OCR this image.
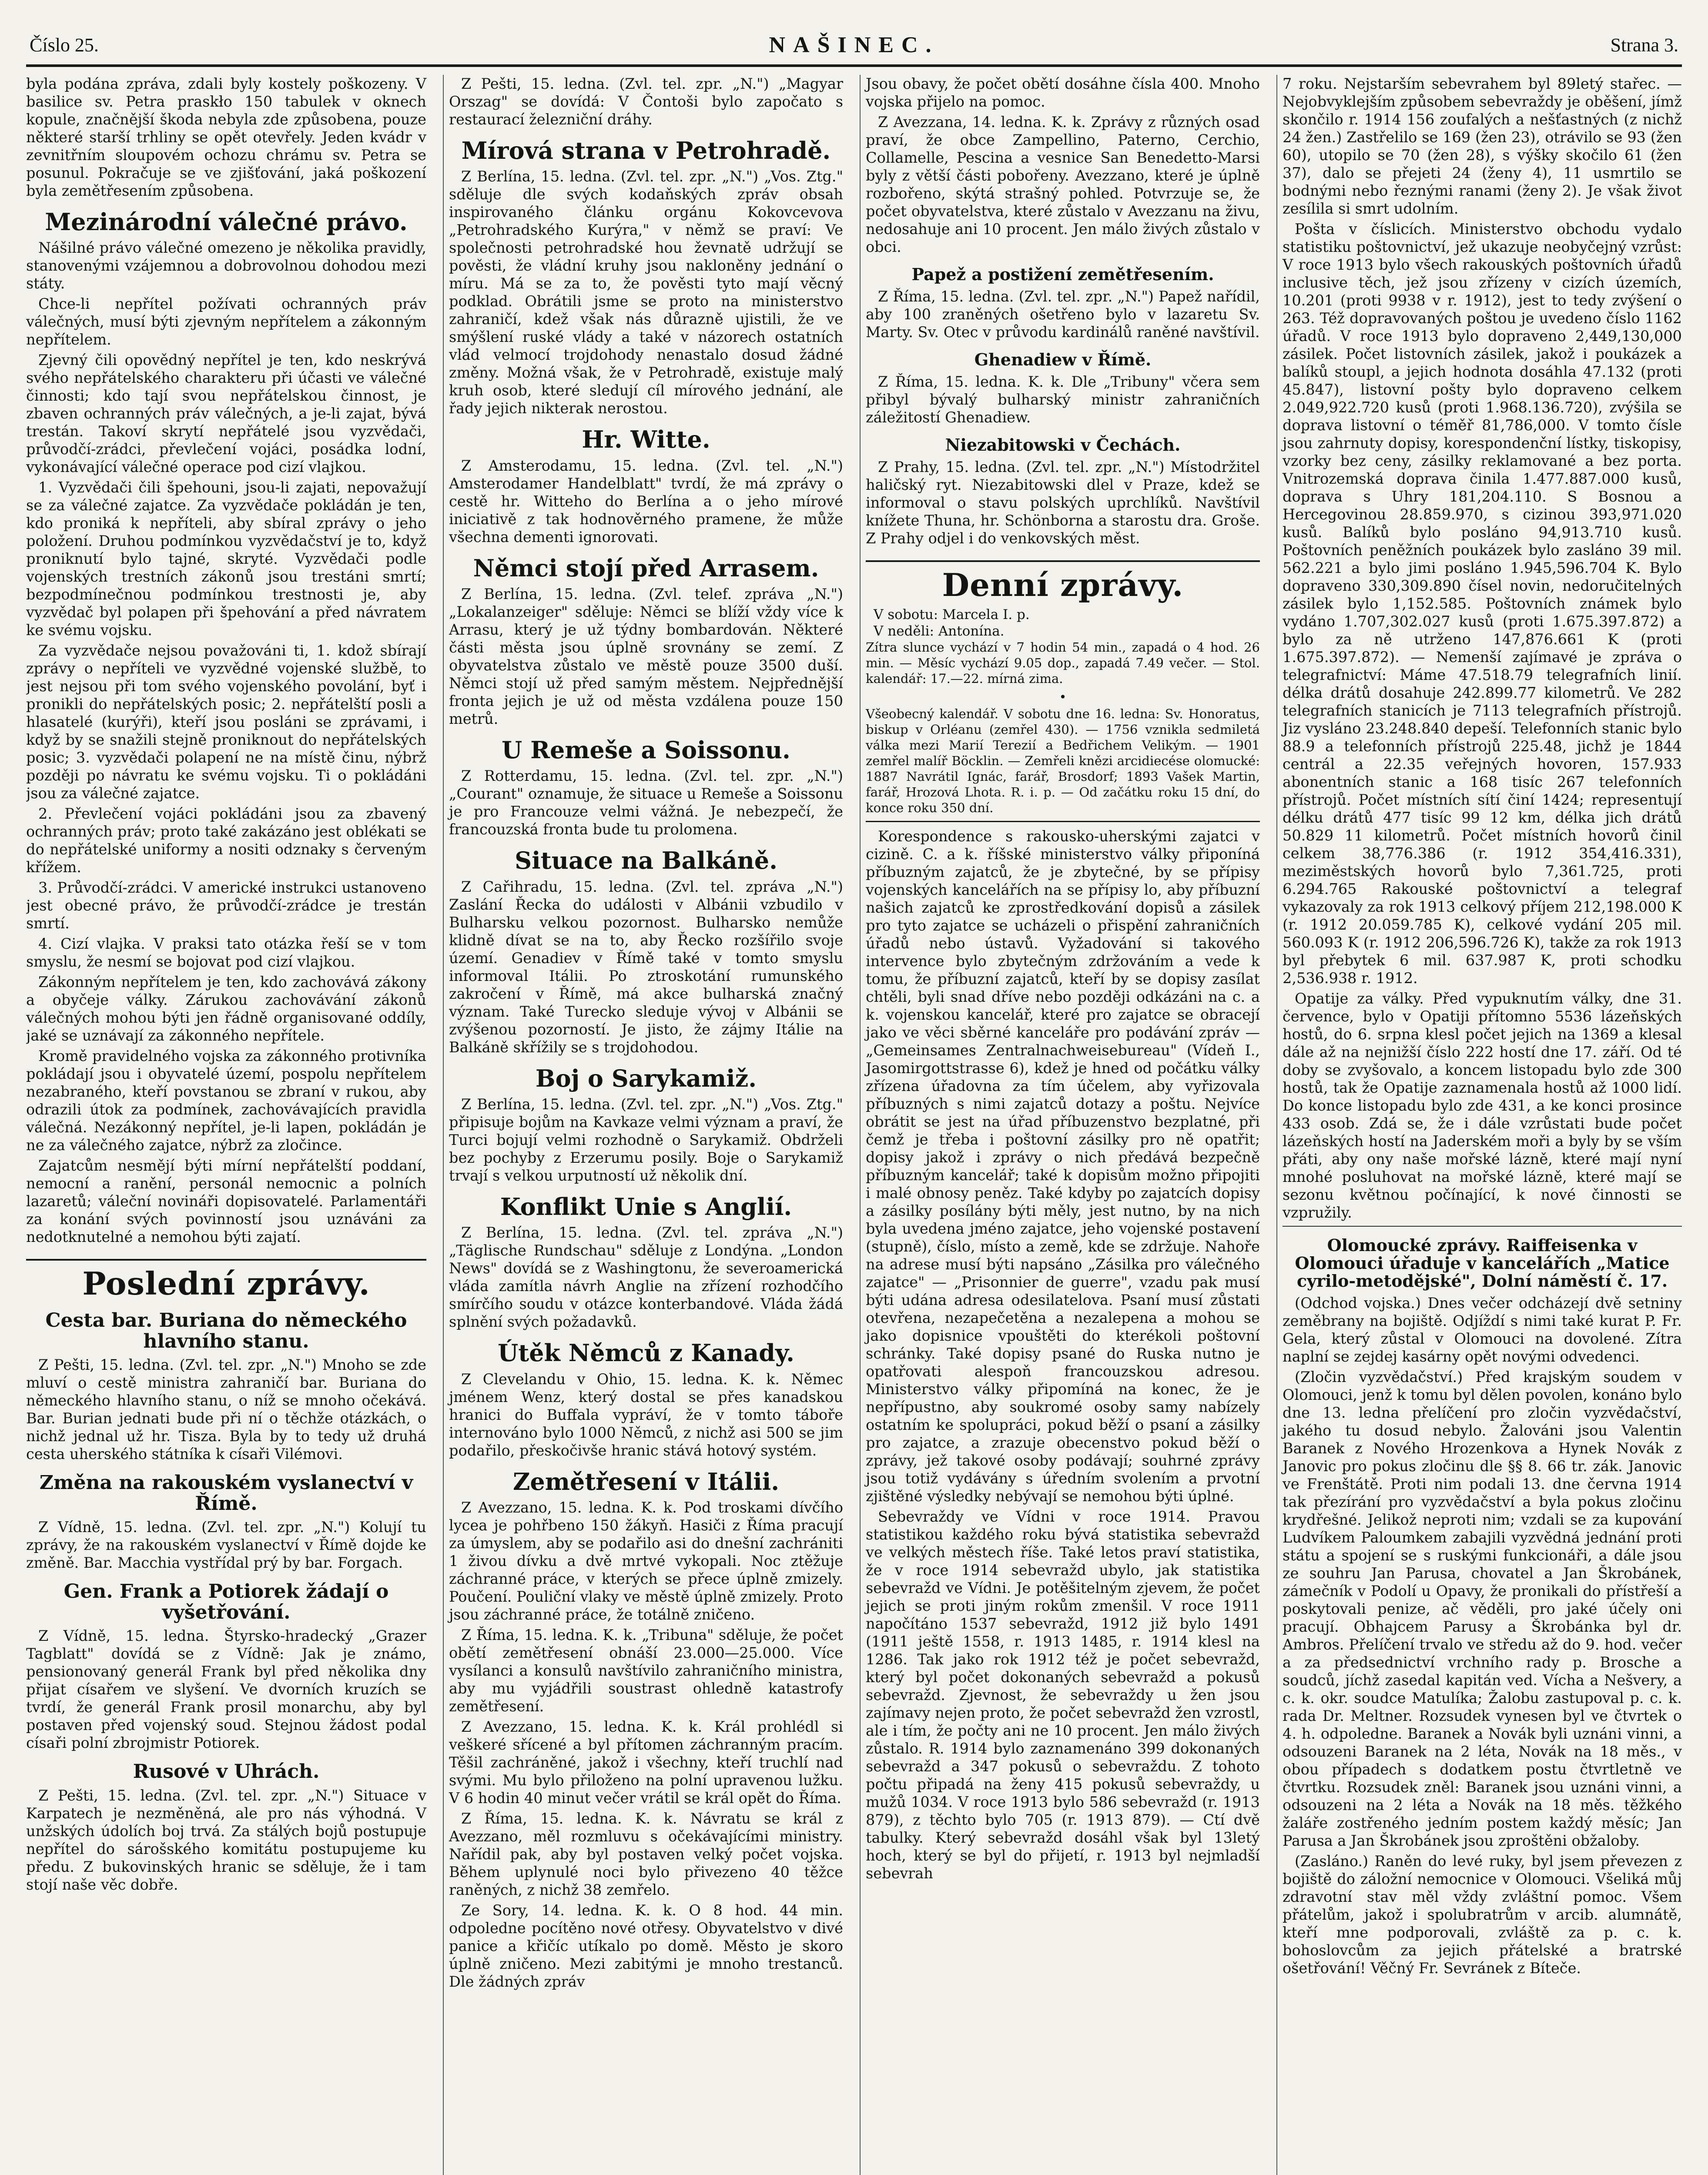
Číslo 25.	NAŠINEC.	Strana 3.

byla podána zpráva, zdali byly kostely poškozeny. V basilice sv. Petra praskło 150 tabulek v oknech kopule, značnější škoda nebyla zde způsobena, pouze některé starší trhliny se opět otevřely. Jeden kvádr v zevnitřním sloupovém ochozu chrámu sv. Petra se posunul. Pokračuje se ve zjišťování, jaká poškození byla zemětřesením způsobena.

Mezinárodní válečné právo.

Nášilné právo válečné omezeno je několika pravidly, stanovenými vzájemnou a dobrovolnou dohodou mezi státy.

Chce-li nepřítel požívati ochranných práv válečných, musí býti zjevným nepřítelem a zákonným nepřítelem.

Zjevný čili opovědný nepřítel je ten, kdo neskrývá svého nepřátelského charakteru při účasti ve válečné činnosti; kdo tají svou nepřátelskou činnost, je zbaven ochranných práv válečných, a je-li zajat, bývá trestán. Takoví skrytí nepřátelé jsou vyzvědači, průvodčí-zrádci, převlečení vojáci, posádka lodní, vykonávající válečné operace pod cizí vlajkou.

1. Vyzvědači čili špehouni, jsou-li zajati, nepovažují se za válečné zajatce. Za vyzvědače pokládán je ten, kdo proniká k nepříteli, aby sbíral zprávy o jeho položení. Druhou podmínkou vyzvědačství je to, když proniknutí bylo tajné, skryté. Vyzvědači podle vojenských trestních zákonů jsou trestáni smrtí; bezpodmínečnou podmínkou trestnosti je, aby vyzvědač byl polapen při špehování a před návratem ke svému vojsku.

Za vyzvědače nejsou považováni ti, 1. kdož sbírají zprávy o nepříteli ve vyzvědné vojenské službě, to jest nejsou při tom svého vojenského povolání, byť i pronikli do nepřátelských posic; 2. nepřátelští posli a hlasatelé (kurýři), kteří jsou posláni se zprávami, i když by se snažili stejně proniknout do nepřátelských posic; 3. vyzvědači polapení ne na místě činu, nýbrž později po návratu ke svému vojsku. Ti o pokládáni jsou za válečné zajatce.

2. Převlečení vojáci pokládáni jsou za zbavený ochranných práv; proto také zakázáno jest oblékati se do nepřátelské uniformy a nositi odznaky s červeným křížem.

3. Průvodčí-zrádci. V americké instrukci ustanoveno jest obecné právo, že průvodčí-zrádce je trestán smrtí.

4. Cizí vlajka. V praksi tato otázka řeší se v tom smyslu, že nesmí se bojovat pod cizí vlajkou.

Zákonným nepřítelem je ten, kdo zachovává zákony a obyčeje války. Zárukou zachovávání zákonů válečných mohou býti jen řádně organisované oddíly, jaké se uznávají za zákonného nepřítele.

Kromě pravidelného vojska za zákonného protivníka pokládají jsou i obyvatelé území, pospolu nepřítelem nezabraného, kteří povstanou se zbraní v rukou, aby odrazili útok za podmínek, zachovávajících pravidla válečná. Nezákonný nepřítel, je-li lapen, pokládán je ne za válečného zajatce, nýbrž za zločince.

Zajatcům nesmějí býti mírní nepřátelští poddaní, nemocní a ranění, personál nemocnic a polních lazaretů; váleční novináři dopisovatelé. Parlamentáři za konání svých povinností jsou uznáváni za nedotknutelné a nemohou býti zajatí.

Poslední zprávy.
Cesta bar. Buriana do německého hlavního stanu.

Z Pešti, 15. ledna. (Zvl. tel. zpr. „N.") Mnoho se zde mluví o cestě ministra zahraničí bar. Buriana do německého hlavního stanu, o níž se mnoho očekává. Bar. Burian jednati bude při ní o těchže otázkách, o nichž jednal už hr. Tisza. Byla by to tedy už druhá cesta uherského státníka k císaři Vilémovi.

Změna na rakouském vyslanectví v Římě.

Z Vídně, 15. ledna. (Zvl. tel. zpr. „N.") Kolují tu zprávy, že na rakouském vyslanectví v Římě dojde ke změně. Bar. Macchia vystřídal prý by bar. Forgach.

Gen. Frank a Potiorek žádají o vyšetřování.

Z Vídně, 15. ledna. Štyrsko-hradecký „Grazer Tagblatt" dovídá se z Vídně: Jak je známo, pensionovaný generál Frank byl před několika dny přijat císařem ve slyšení. Ve dvorních kruzích se tvrdí, že generál Frank prosil monarchu, aby byl postaven před vojenský soud. Stejnou žádost podal císaři polní zbrojmistr Potiorek.

Rusové v Uhrách.

Z Pešti, 15. ledna. (Zvl. tel. zpr. „N.") Situace v Karpatech je nezměněná, ale pro nás výhodná. V unžských údolích boj trvá. Za stálých bojů postupuje nepřítel do sárošského komitátu postupujeme ku předu. Z bukovinských hranic se sděluje, že i tam stojí naše věc dobře.

Z Pešti, 15. ledna. (Zvl. tel. zpr. „N.") „Magyar Orszag" se dovídá: V Čontoši bylo započato s restaurací železniční dráhy.

Mírová strana v Petrohradě.

Z Berlína, 15. ledna. (Zvl. tel. zpr. „N.") „Vos. Ztg." sděluje dle svých kodaňských zpráv obsah inspirovaného článku orgánu Kokovcevova „Petrohradského Kurýra," v němž se praví: Ve společnosti petrohradské hou ževnatě udržují se pověsti, že vládní kruhy jsou nakloněny jednání o míru. Má se za to, že pověsti tyto mají věcný podklad. Obrátili jsme se proto na ministerstvo zahraničí, kdež však nás důrazně ujistili, že ve smýšlení ruské vlády a také v názorech ostatních vlád velmocí trojdohody nenastalo dosud žádné změny. Možná však, že v Petrohradě, existuje malý kruh osob, které sledují cíl mírového jednání, ale řady jejich nikterak nerostou.

Hr. Witte.

Z Amsterodamu, 15. ledna. (Zvl. tel. „N.") Amsterodamer Handelblatt" tvrdí, že má zprávy o cestě hr. Witteho do Berlína a o jeho mírové iniciativě z tak hodnověrného pramene, že může všechna dementi ignorovati.

Němci stojí před Arrasem.

Z Berlína, 15. ledna. (Zvl. telef. zpráva „N.") „Lokalanzeiger" sděluje: Němci se blíží vždy více k Arrasu, který je už týdny bombardován. Některé části města jsou úplně srovnány se zemí. Z obyvatelstva zůstalo ve městě pouze 3500 duší. Němci stojí už před samým městem. Nejpřednější fronta jejich je už od města vzdálena pouze 150 metrů.

U Remeše a Soissonu.

Z Rotterdamu, 15. ledna. (Zvl. tel. zpr. „N.") „Courant" oznamuje, že situace u Remeše a Soissonu je pro Francouze velmi vážná. Je nebezpečí, že francouzská fronta bude tu prolomena.

Situace na Balkáně.

Z Cařihradu, 15. ledna. (Zvl. tel. zpráva „N.") Zaslání Řecka do události v Albánii vzbudilo v Bulharsku velkou pozornost. Bulharsko nemůže klidně dívat se na to, aby Řecko rozšířilo svoje území. Genadiev v Římě také v tomto smyslu informoval Itálii. Po ztroskotání rumunského zakročení v Římě, má akce bulharská značný význam. Také Turecko sleduje vývoj v Albánii se zvýšenou pozorností. Je jisto, že zájmy Itálie na Balkáně skřížily se s trojdohodou.

Boj o Sarykamiž.

Z Berlína, 15. ledna. (Zvl. tel. zpr. „N.") „Vos. Ztg." připisuje bojům na Kavkaze velmi význam a praví, že Turci bojují velmi rozhodně o Sarykamiž. Obdrželi bez pochyby z Erzerumu posily. Boje o Sarykamiž trvají s velkou urputností už několik dní.

Konflikt Unie s Anglií.

Z Berlína, 15. ledna. (Zvl. tel. zpráva „N.") „Täglische Rundschau" sděluje z Londýna. „London News" dovídá se z Washingtonu, že severoamerická vláda zamítla návrh Anglie na zřízení rozhodčího smírčího soudu v otázce konterbandové. Vláda žádá splnění svých požadavků.

Útěk Němců z Kanady.

Z Clevelandu v Ohio, 15. ledna. K. k. Němec jménem Wenz, který dostal se přes kanadskou hranici do Buffala vypráví, že v tomto táboře internováno bylo 1000 Němců, z nichž asi 500 se jim podařilo, přeskočivše hranic stává hotový systém.

Zemětřesení v Itálii.

Z Avezzano, 15. ledna. K. k. Pod troskami dívčího lycea je pohřbeno 150 žákyň. Hasiči z Říma pracují za úmyslem, aby se podařilo asi do dnešní zachrániti 1 živou dívku a dvě mrtvé vykopali. Noc ztěžuje záchranné práce, v kterých se přece úplně zmizely. Poučení. Pouliční vlaky ve městě úplně zmizely. Proto jsou záchranné práce, že totálně zničeno.

Z Říma, 15. ledna. K. k. „Tribuna" sděluje, že počet obětí zemětřesení obnáší 23.000—25.000. Více vysílanci a konsulů navštívilo zahraničního ministra, aby mu vyjádřili soustrast ohledně katastrofy zemětřesení.

Z Avezzano, 15. ledna. K. k. Král prohlédl si veškeré sřícené a byl přítomen záchranným pracím. Těšil zachráněné, jakož i všechny, kteří truchlí nad svými. Mu bylo přiloženo na polní upravenou lužku. V 6 hodin 40 minut večer vrátil se král opět do Říma.

Z Říma, 15. ledna. K. k. Návratu se král z Avezzano, měl rozmluvu s očekávajícími ministry. Nařídil pak, aby byl postaven velký počet vojska. Během uplynulé noci bylo přivezeno 40 těžce raněných, z nichž 38 zemřelo.

Ze Sory, 14. ledna. K. k. O 8 hod. 44 min. odpoledne pocítěno nové otřesy. Obyvatelstvo v divé panice a křičíc utíkalo po domě. Město je skoro úplně zničeno. Mezi zabitými je mnoho trestanců. Dle žádných zpráv

Jsou obavy, že počet obětí dosáhne čísla 400. Mnoho vojska přijelo na pomoc.

Z Avezzana, 14. ledna. K. k. Zprávy z různých osad praví, že obce Zampellino, Paterno, Cerchio, Collamelle, Pescina a vesnice San Benedetto-Marsi byly z větší části pobořeny. Avezzano, které je úplně rozbořeno, skýtá strašný pohled. Potvrzuje se, že počet obyvatelstva, které zůstalo v Avezzanu na živu, nedosahuje ani 10 procent. Jen málo živých zůstalo v obci.

Papež a postižení zemětřesením.

Z Říma, 15. ledna. (Zvl. tel. zpr. „N.") Papež nařídil, aby 100 zraněných ošetřeno bylo v lazaretu Sv. Marty. Sv. Otec v průvodu kardinálů raněné navštívil.

Ghenadiew v Římě.

Z Říma, 15. ledna. K. k. Dle „Tribuny" včera sem přibyl bývalý bulharský ministr zahraničních záležitostí Ghenadiew.

Niezabitowski v Čechách.

Z Prahy, 15. ledna. (Zvl. tel. zpr. „N.") Místodržitel haličský ryt. Niezabitowski dlel v Praze, kdež se informoval o stavu polských uprchlíků. Navštívil knížete Thuna, hr. Schönborna a starostu dra. Groše. Z Prahy odjel i do venkovských měst.

Denní zprávy.
V sobotu: Marcela I. p.
V neděli: Antonína.
Zítra slunce vychází v 7 hodin 54 min., zapadá o 4 hod. 26 min. — Měsíc vychází 9.05 dop., zapadá 7.49 večer. — Stol. kalendář: 17.—22. mírná zima.
•
Všeobecný kalendář. V sobotu dne 16. ledna: Sv. Honoratus, biskup v Orléanu (zemřel 430). — 1756 vznikla sedmiletá válka mezi Marií Terezií a Bedřichem Velikým. — 1901 zemřel malíř Böcklin. — Zemřeli knězi arcidiecése olomucké: 1887 Navrátil Ignác, farář, Brosdorf; 1893 Vašek Martin, farář, Hrozová Lhota. R. i. p. — Od začátku roku 15 dní, do konce roku 350 dní.

Korespondence s rakousko-uherskými zajatci v cizině. C. a k. říšské ministerstvo války připoníná příbuzným zajatců, že je zbytečné, by se přípisy vojenských kancelářích na se přípisy lo, aby příbuzní našich zajatců ke zprostředkování dopisů a zásilek pro tyto zajatce se ucházeli o přispění zahraničních úřadů nebo ústavů. Vyžadování si takového intervence bylo zbytečným zdržováním a vede k tomu, že příbuzní zajatců, kteří by se dopisy zasílat chtěli, byli snad dříve nebo později odkázáni na c. a k. vojenskou kancelář, které pro zajatce se obracejí jako ve věci sběrné kanceláře pro podávání zpráv — „Gemeinsames Zentralnachweisebureau" (Vídeň I., Jasomirgottstrasse 6), kdež je hned od počátku války zřízena úřadovna za tím účelem, aby vyřizovala příbuzných s nimi zajatců dotazy a poštu. Nejvíce obrátit se jest na úřad příbuzenstvo bezplatné, při čemž je třeba i poštovní zásilky pro ně opatřit; dopisy jakož i zprávy o nich předává bezpečně příbuzným kancelář; také k dopisům možno připojiti i malé obnosy peněz. Také kdyby po zajatcích dopisy a zásilky posílány býti měly, jest nutno, by na nich byla uvedena jméno zajatce, jeho vojenské postavení (stupně), číslo, místo a země, kde se zdržuje. Nahoře na adrese musí býti napsáno „Zásilka pro válečného zajatce" — „Prisonnier de guerre", vzadu pak musí býti udána adresa odesilatelova. Psaní musí zůstati otevřena, nezapečetěna a nezalepena a mohou se jako dopisnice vpouštěti do kterékoli poštovní schránky. Také dopisy psané do Ruska nutno je opatřovati alespoň francouzskou adresou. Ministerstvo války připomíná na konec, že je nepřípustno, aby soukromé osoby samy nabízely ostatním ke spolupráci, pokud běží o psaní a zásilky pro zajatce, a zrazuje obecenstvo pokud běží o zprávy, jež takové osoby podávají; souhrné zprávy jsou totiž vydávány s úředním svolením a prvotní zjištěné výsledky nebývají se nemohou býti úplné.

Sebevraždy ve Vídni v roce 1914. Pravou statistikou každého roku bývá statistika sebevražd ve velkých městech říše. Také letos praví statistika, že v roce 1914 sebevražd ubylo, jak statistika sebevražd ve Vídni. Je potěšitelným zjevem, že počet jejich se proti jiným rokům zmenšil. V roce 1911 napočítáno 1537 sebevražd, 1912 již bylo 1491 (1911 ještě 1558, r. 1913 1485, r. 1914 klesl na 1286. Tak jako rok 1912 též je počet sebevražd, který byl počet dokonaných sebevražd a pokusů sebevražd. Zjevnost, že sebevraždy u žen jsou zajímavy nejen proto, že počet sebevražd žen vzrostl, ale i tím, že počty ani ne 10 procent. Jen málo živých zůstalo. R. 1914 bylo zaznamenáno 399 dokonaných sebevražd a 347 pokusů o sebevraždu. Z tohoto počtu připadá na ženy 415 pokusů sebevraždy, u mužů 1034. V roce 1913 bylo 586 sebevražd (r. 1913 879), z těchto bylo 705 (r. 1913 879). — Ctí dvě tabulky. Který sebevražd dosáhl však byl 13letý hoch, který se byl do přijetí, r. 1913 byl nejmladší sebevrah

7 roku. Nejstarším sebevrahem byl 89letý stařec. — Nejobvyklejším způsobem sebevraždy je oběšení, jímž skončilo r. 1914 156 zoufalých a nešťastných (z nichž 24 žen.) Zastřelilo se 169 (žen 23), otrávilo se 93 (žen 60), utopilo se 70 (žen 28), s výšky skočilo 61 (žen 37), dalo se přejeti 24 (ženy 4), 11 usmrtilo se bodnými nebo řeznými ranami (ženy 2). Je však život zesílila si smrt udolním.

Pošta v číslicích. Ministerstvo obchodu vydalo statistiku poštovnictví, jež ukazuje neobyčejný vzrůst: V roce 1913 bylo všech rakouských poštovních úřadů inclusive těch, jež jsou zřízeny v cizích územích, 10.201 (proti 9938 v r. 1912), jest to tedy zvýšení o 263. Též dopravovaných poštou je uvedeno číslo 1162 úřadů. V roce 1913 bylo dopraveno 2,449,130,000 zásilek. Počet listovních zásilek, jakož i poukázek a balíků stoupl, a jejich hodnota dosáhla 47.132 (proti 45.847), listovní pošty bylo dopraveno celkem 2.049,922.720 kusů (proti 1.968.136.720), zvýšila se doprava listovní o téměř 81,786,000. V tomto čísle jsou zahrnuty dopisy, korespondenční lístky, tiskopisy, vzorky bez ceny, zásilky reklamované a bez porta. Vnitrozemská doprava činila 1.477.887.000 kusů, doprava s Uhry 181,204.110. S Bosnou a Hercegovinou 28.859.970, s cizinou 393,971.020 kusů. Balíků bylo posláno 94,913.710 kusů. Poštovních peněžních poukázek bylo zasláno 39 mil. 562.221 a bylo jimi posláno 1.945,596.704 K. Bylo dopraveno 330,309.890 čísel novin, nedoručitelných zásilek bylo 1,152.585. Poštovních známek bylo vydáno 1.707,302.027 kusů (proti 1.675.397.872) a bylo za ně utrženo 147,876.661 K (proti 1.675.397.872). — Nemenší zajímavé je zpráva o telegrafnictví: Máme 47.518.79 telegrafních linií. délka drátů dosahuje 242.899.77 kilometrů. Ve 282 telegrafních stanicích je 7113 telegrafních přístrojů. Jiz vysláno 23.248.840 depeší. Telefonních stanic bylo 88.9 a telefonních přístrojů 225.48, jichž je 1844 centrál a 22.35 veřejných hovoren, 157.933 abonentních stanic a 168 tisíc 267 telefonních přístrojů. Počet místních sítí činí 1424; representují délku drátů 477 tisíc 99 12 km, délka jich drátů 50.829 11 kilometrů. Počet místních hovorů činil celkem 38,776.386 (r. 1912 354,416.331), meziměstských hovorů bylo 7,361.725, proti 6.294.765 Rakouské poštovnictví a telegraf vykazovaly za rok 1913 celkový příjem 212,198.000 K (r. 1912 20.059.785 K), celkové vydání 205 mil. 560.093 K (r. 1912 206,596.726 K), takže za rok 1913 byl přebytek 6 mil. 637.987 K, proti schodku 2,536.938 r. 1912.

Opatije za války. Před vypuknutím války, dne 31. července, bylo v Opatiji přítomno 5536 lázeňských hostů, do 6. srpna klesl počet jejich na 1369 a klesal dále až na nejnižší číslo 222 hostí dne 17. září. Od té doby se zvyšovalo, a koncem listopadu bylo zde 300 hostů, tak že Opatije zaznamenala hostů až 1000 lidí. Do konce listopadu bylo zde 431, a ke konci prosince 433 osob. Zdá se, že i dále vzrůstati bude počet lázeňských hostí na Jaderském moři a byly by se vším přáti, aby ony naše mořské lázně, které mají nyní mnohé posluhovat na mořské lázně, které mají se sezonu květnou počínající, k nové činnosti se vzpružily.

Olomoucké zprávy. Raiffeisenka v Olomouci úřaduje v kancelářích „Matice cyrilo-metodějské", Dolní náměstí č. 17.

(Odchod vojska.) Dnes večer odcházejí dvě setniny zeměbrany na bojiště. Odjíždí s nimi také kurat P. Fr. Gela, který zůstal v Olomouci na dovolené. Zítra naplní se zejdej kasárny opět novými odvedenci.

(Zločin vyzvědačství.) Před krajským soudem v Olomouci, jenž k tomu byl dělen povolen, konáno bylo dne 13. ledna přelíčení pro zločin vyzvědačství, jakého tu dosud nebylo. Žalováni jsou Valentin Baranek z Nového Hrozenkova a Hynek Novák z Janovic pro pokus zločinu dle §§ 8. 66 tr. zák. Janovic ve Frenštátě. Proti nim podali 13. dne června 1914 tak přezírání pro vyzvědačství a byla pokus zločinu krydřešné. Jelikož neproti nim; vzdali se za kupování Ludvíkem Paloumkem zabajili vyzvědná jednání proti státu a spojení se s ruskými funkcionáři, a dále jsou ze souhru Jan Parusa, chovatel a Jan Škrobánek, zámečník v Podolí u Opavy, že pronikali do přístřeší a poskytovali penize, ač věděli, pro jaké účely oni pracují. Obhajcem Parusy a Škrobánka byl dr. Ambros. Přelíčení trvalo ve středu až do 9. hod. večer a za předsednictví vrchního rady p. Brosche a soudců, jíchž zasedal kapitán ved. Vícha a Nešvery, a c. k. okr. soudce Matulíka; Žalobu zastupoval p. c. k. rada Dr. Meltner. Rozsudek vynesen byl ve čtvrtek o 4. h. odpoledne. Baranek a Novák byli uznáni vinni, a odsouzeni Baranek na 2 léta, Novák na 18 měs., v obou případech s dodatkem postu čtvrtletně ve čtvrtku. Rozsudek zněl: Baranek jsou uznáni vinni, a odsouzeni na 2 léta a Novák na 18 měs. těžkého žaláře zostřeného jedním postem každý měsíc; Jan Parusa a Jan Škrobánek jsou zproštěni obžaloby.

(Zasláno.) Raněn do levé ruky, byl jsem převezen z bojiště do záložní nemocnice v Olomouci. Všeliká můj zdravotní stav měl vždy zvláštní pomoc. Všem přátelům, jakož i spolubratrům v arcib. alumnátě, kteří mne podporovali, zvláště za p. c. k. bohoslovcům za jejich přátelské a bratrské ošetřování! Věčný Fr. Sevránek z Bíteče.
